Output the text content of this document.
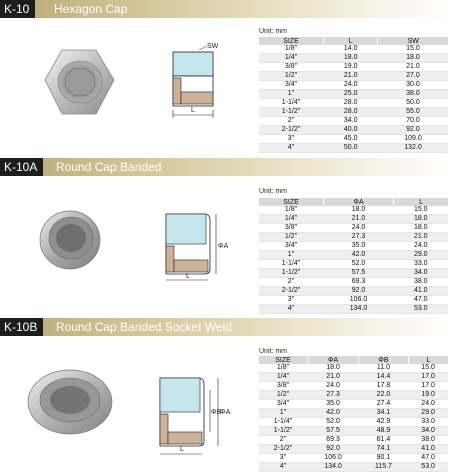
K-10	Hexagon Cap
SW
L
Unit: mm
SIZE	L	SW
1/8"	14.0	15.0
1/4"	18.0	18.0
3/8"	19.0	21.0
1/2"	21.0	27.0
3/4"	24.0	30.0
1"	25.0	38.0
1-1/4"	28.0	50.0
1-1/2"	28.0	55.0
2"	34.0	70.0
2-1/2"	40.0	92.0
3"	45.0	109.0
4"	50.0	132.0
K-10A	Round Cap Banded
ΦA
L
Unit: mm
SIZE	ΦA	L
1/8"	18.0	15.0
1/4"	21.0	18.0
3/8"	24.0	18.0
1/2"	27.3	21.0
3/4"	35.0	24.0
1"	42.0	29.0
1-1/4"	52.0	33.0
1-1/2"	57.5	34.0
2"	69.3	38.0
2-1/2"	92.0	41.0
3"	106.0	47.0
4"	134.0	53.0
K-10B	Round Cap Banded Socket Weld
ΦB
ΦA
L
Unit: mm
SIZE	ΦA	ΦB	L
1/8"	18.0	11.0	15.0
1/4"	21.0	14.4	17.0
3/8"	24.0	17.8	17.0
1/2"	27.3	22.0	19.0
3/4"	35.0	27.4	24.0
1"	42.0	34.1	29.0
1-1/4"	52.0	42.9	33.0
1-1/2"	57.5	48.9	34.0
2"	69.3	61.4	38.0
2-1/2"	92.0	74.1	41.0
3"	106.0	90.1	47.0
4"	134.0	115.7	53.0
